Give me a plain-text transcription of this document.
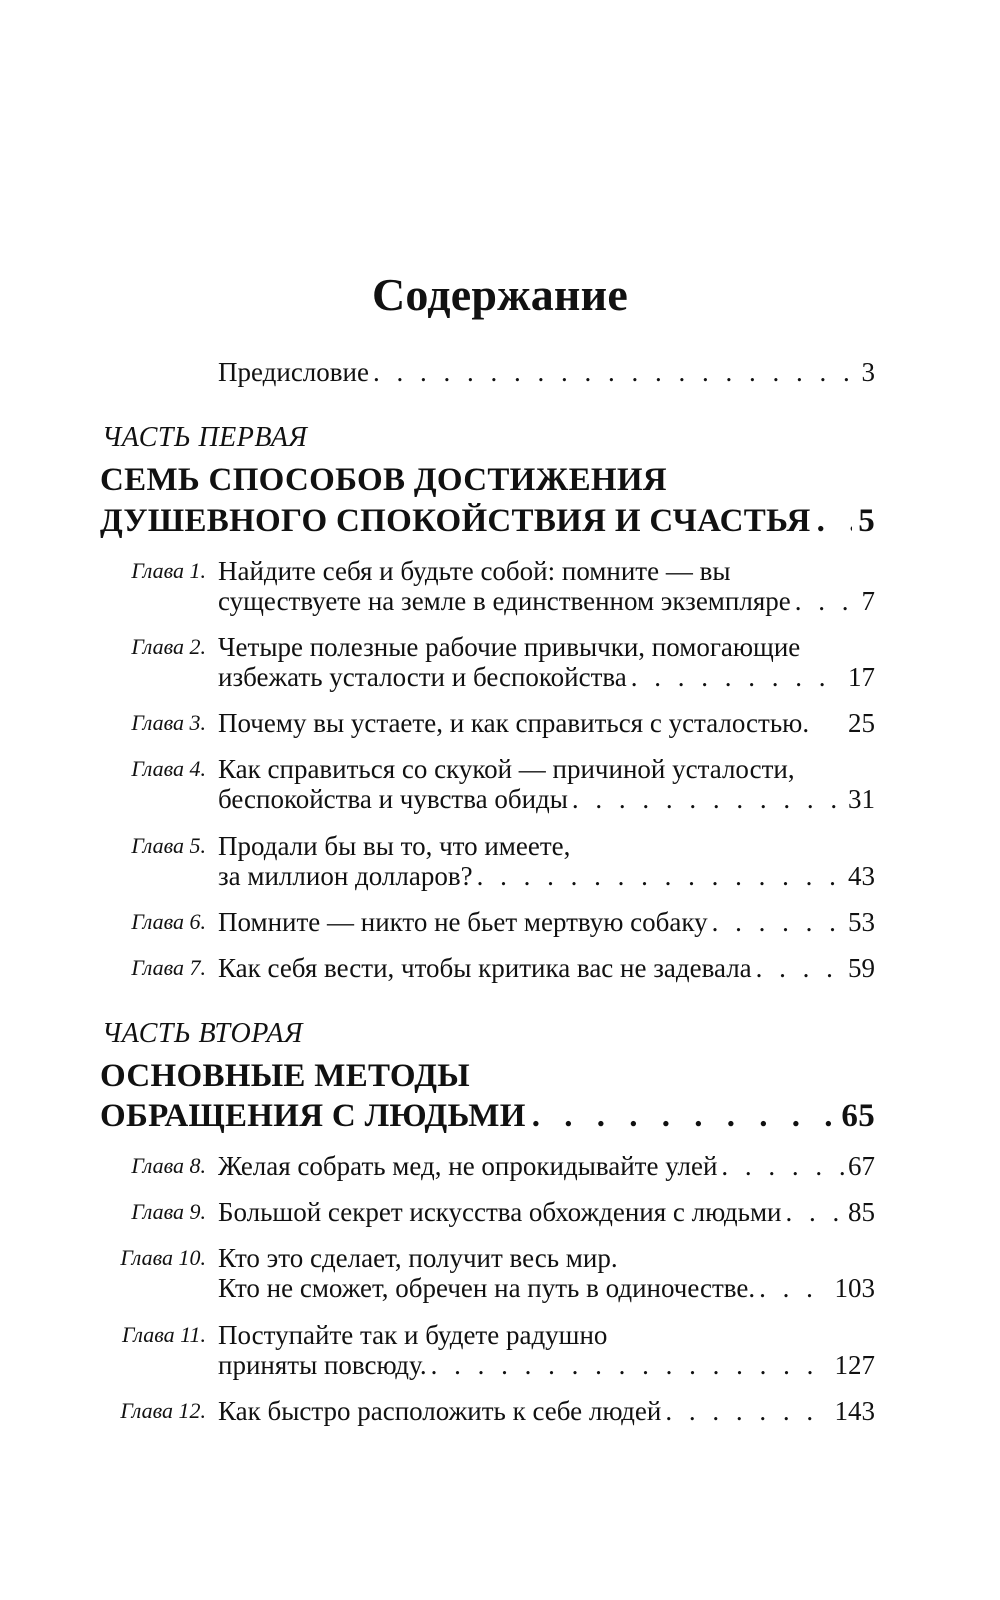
Содержание
Предисловие . . .	3
ЧАСТЬ ПЕРВАЯ
СЕМЬ СПОСОБОВ ДОСТИЖЕНИЯ
ДУШЕВНОГО СПОКОЙСТВИЯ И СЧАСТЬЯ . . . 5
Глава 1. Найдите себя и будьте собой: помните — вы
существуете на земле в единственном экземпляре . . .	7
Глава 2. Четыре полезные рабочие привычки, помогающие
избежать усталости и беспокойства . . .	17
Глава 3. Почему вы устаете, и как справиться с усталостью. 25
Глава 4. Как справиться со скукой — причиной усталости,
беспокойства и чувства обиды . . .	31
Глава 5. Продали бы вы то, что имеете,
за миллион долларов? . . .	43
Глава 6. Помните — никто не бьет мертвую собаку . . .	53
Глава 7. Как себя вести, чтобы критика вас не задевала . . .	59
ЧАСТЬ ВТОРАЯ
ОСНОВНЫЕ МЕТОДЫ
ОБРАЩЕНИЯ С ЛЮДЬМИ . . .	65
Глава 8. Желая собрать мед, не опрокидывайте улей . . .	67
Глава 9. Большой секрет искусства обхождения с людьми . . . 85
Глава 10. Кто это сделает, получит весь мир.
Кто не сможет, обречен на путь в одиночестве. . . .	103
Глава 11. Поступайте так и будете радушно
приняты повсюду. . . .	127
Глава 12. Как быстро расположить к себе людей . . .	143
